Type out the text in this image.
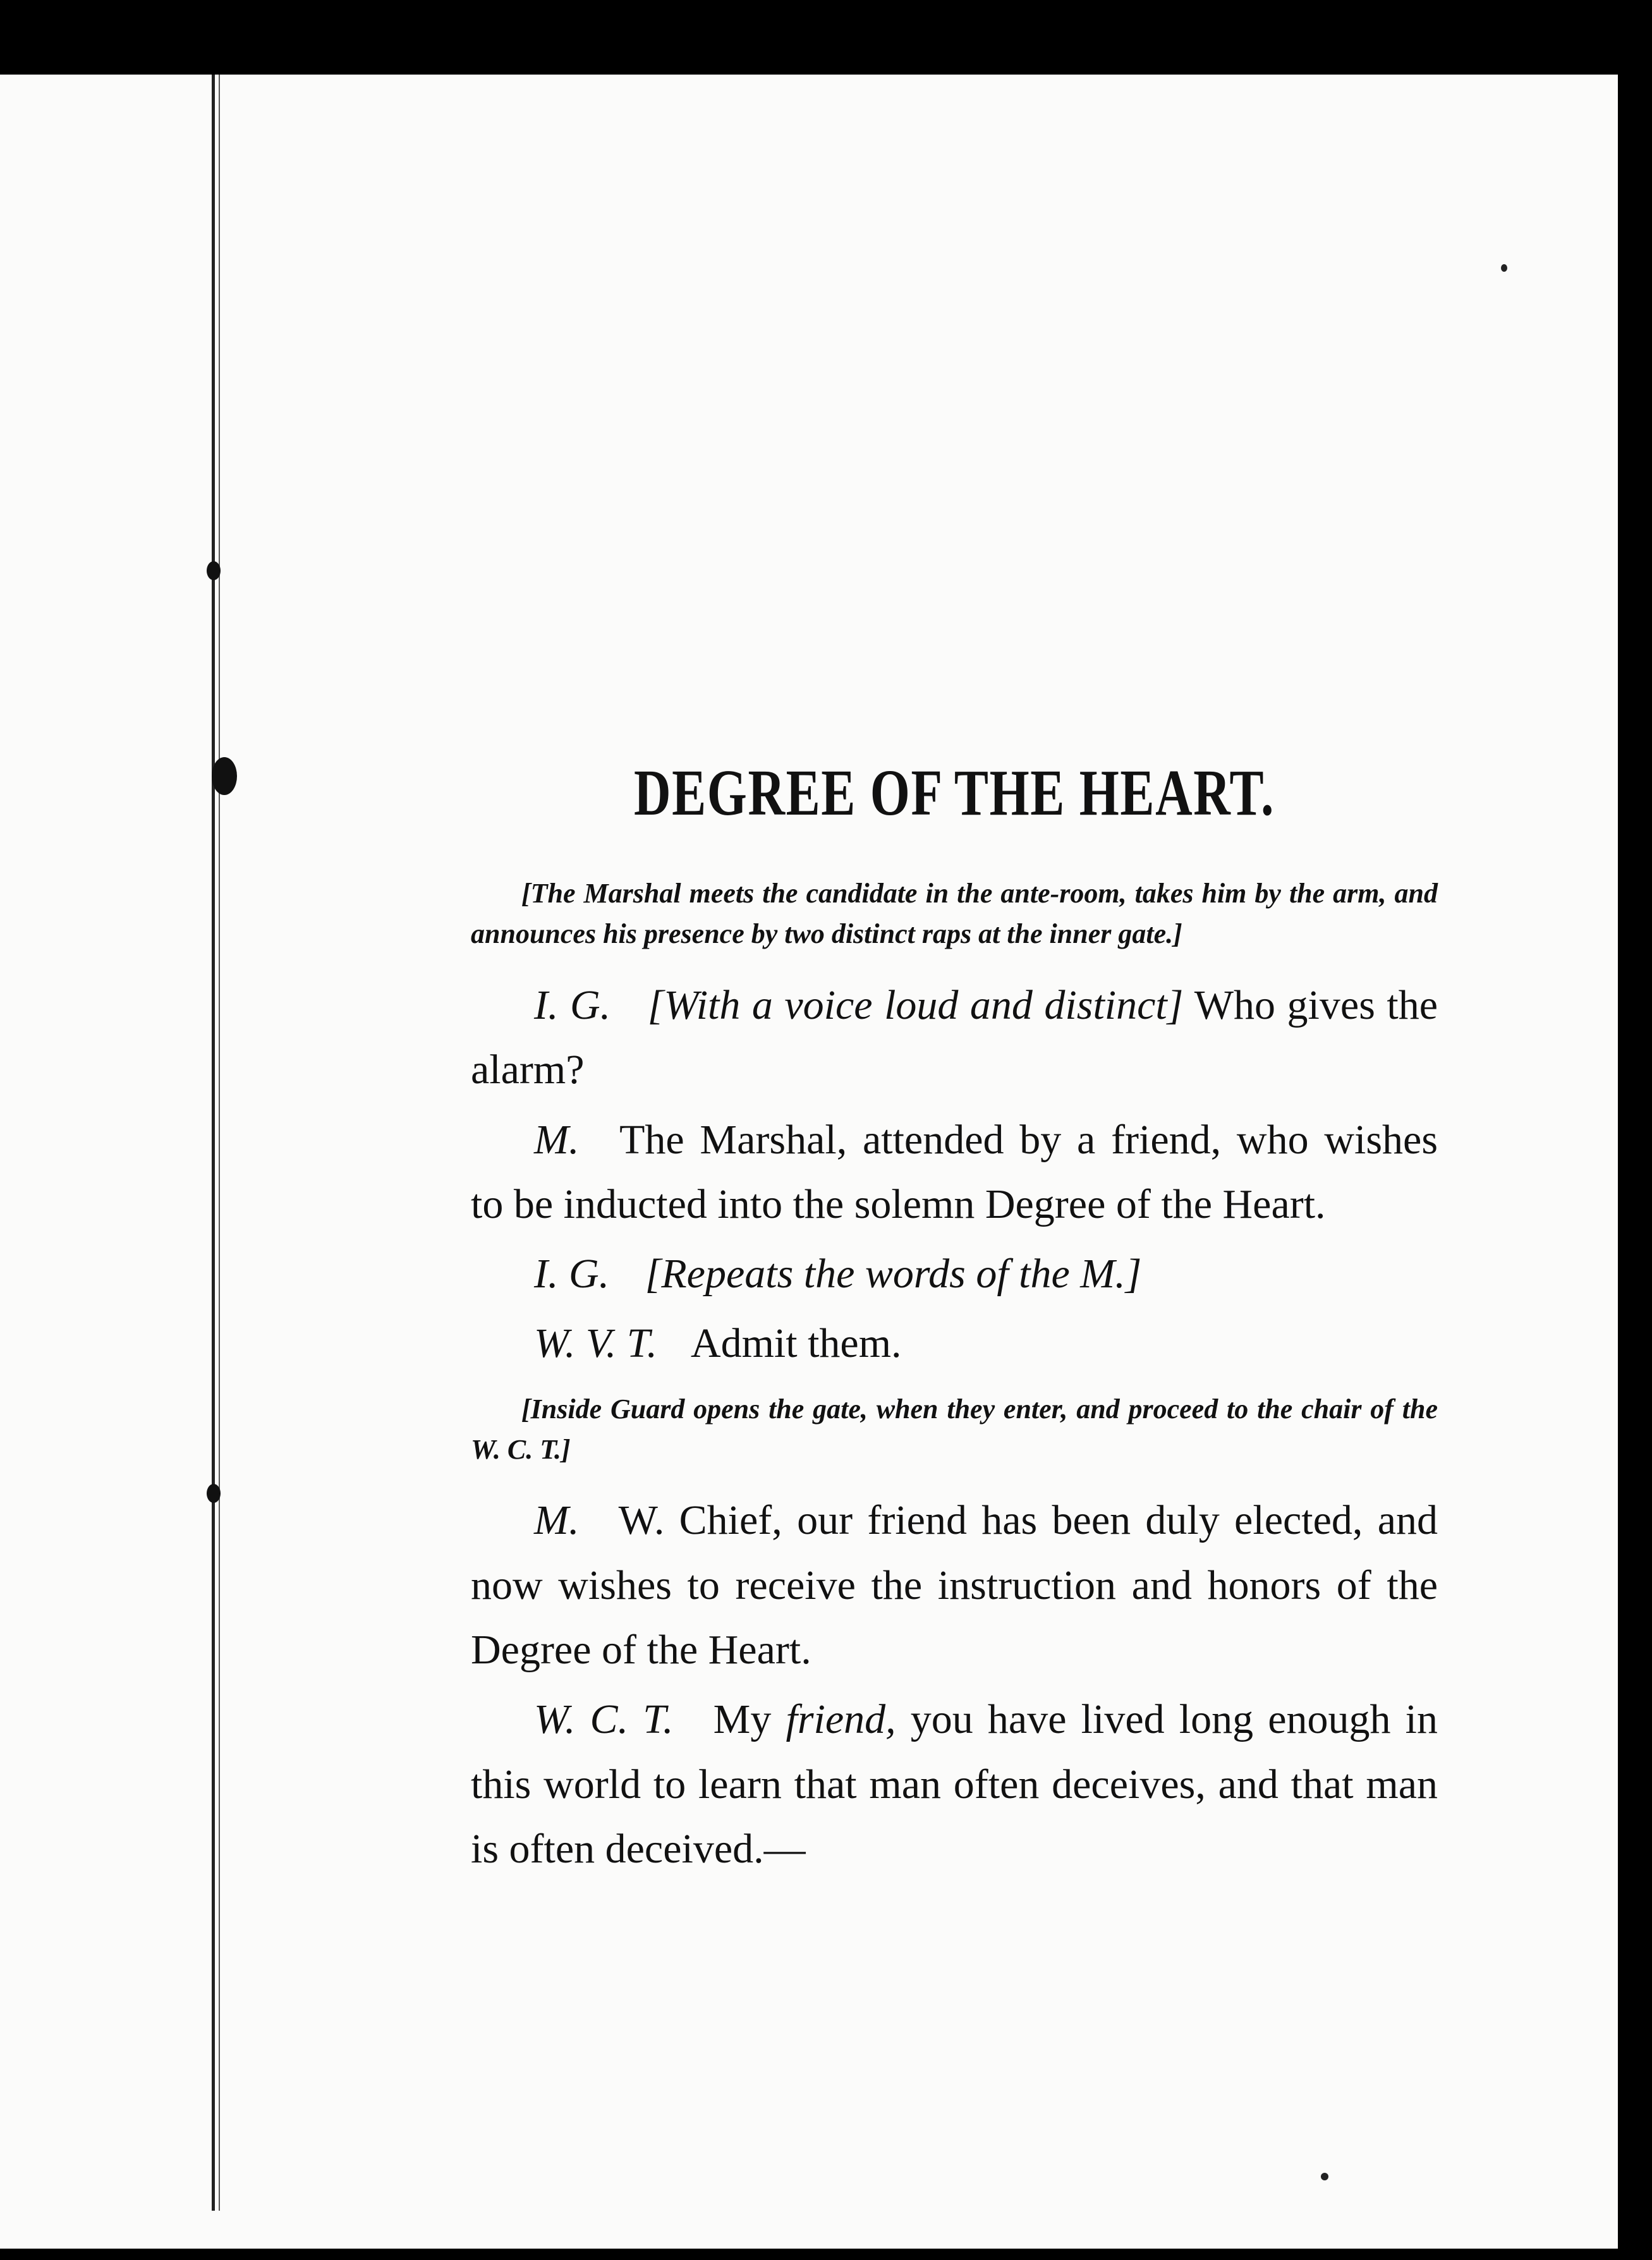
DEGREE OF THE HEART.

[The Marshal meets the candidate in the ante-room, takes him by the arm, and announces his presence by two distinct raps at the inner gate.]

I. G. [With a voice loud and distinct] Who gives the alarm?

M. The Marshal, attended by a friend, who wishes to be inducted into the solemn Degree of the Heart.

I. G. [Repeats the words of the M.]

W. V. T. Admit them.

[Inside Guard opens the gate, when they enter, and proceed to the chair of the W. C. T.]

M. W. Chief, our friend has been duly elected, and now wishes to receive the instruction and honors of the Degree of the Heart.

W. C. T. My friend, you have lived long enough in this world to learn that man often deceives, and that man is often deceived.—
